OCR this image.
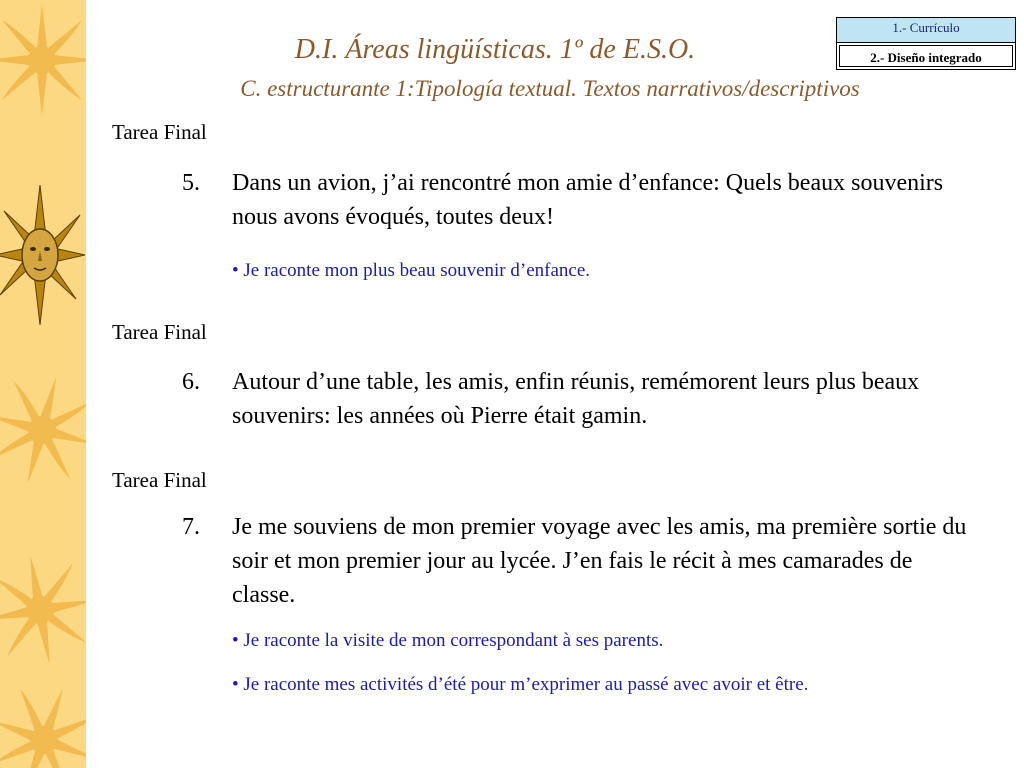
1.- Currículo
2.- Diseño integrado
D.I. Áreas lingüísticas. 1º de E.S.O.
C. estructurante 1:Tipología textual. Textos narrativos/descriptivos
Tarea Final
5. Dans un avion, j’ai rencontré mon amie d’enfance: Quels beaux souvenirs nous avons évoqués, toutes deux!
• Je raconte mon plus beau souvenir d’enfance.
Tarea Final
6. Autour d’une table, les amis, enfin réunis, remémorent leurs plus beaux souvenirs: les années où Pierre était gamin.
Tarea Final
7. Je me souviens de mon premier voyage avec les amis, ma première sortie du soir et mon premier jour au lycée. J’en fais le récit à mes camarades de classe.
• Je raconte la visite de mon correspondant à ses parents.
• Je raconte mes activités d’été pour m’exprimer au passé avec avoir et être.
